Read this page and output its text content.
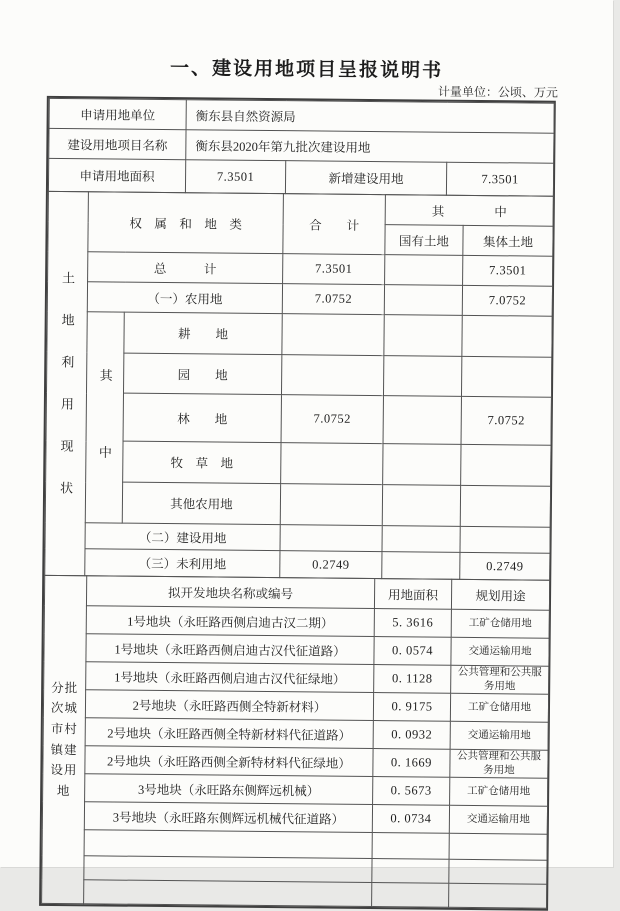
一、建设用地项目呈报说明书
计量单位：公顷、万元
申请用地单位	衡东县自然资源局		
建设用地项目名称	衡东县2020年第九批次建设用地		
申请用地面积	7.3501	新增建设用地	7.3501
土地利用现状	权　属　和　地　类		合　　计	其　　　　中	
				国有土地	集体土地
	总　　　计		7.3501		7.3501
	（一）农用地		7.0752		7.0752

	其中	耕　　地			
		园　　地			
		林　　地	7.0752		7.0752
		牧　草　地			
		其他农用地			
	（二）建设用地				
	（三）未利用地		0.2749		0.2749
分批次城市村镇建设用地	拟开发地块名称或编号	用地面积	规划用途
	1号地块（永旺路西侧启迪古汉二期）	5. 3616	工矿仓储用地
	1号地块（永旺路西侧启迪古汉代征道路）	0. 0574	交通运输用地
	1号地块（永旺路西侧启迪古汉代征绿地）	0. 1128	公共管理和公共服务用地
	2号地块（永旺路西侧全特新材料）	0. 9175	工矿仓储用地
	2号地块（永旺路西侧全特新材料代征道路）	0. 0932	交通运输用地
	2号地块（永旺路西侧全新特材料代征绿地）	0. 1669	公共管理和公共服务用地
	3号地块（永旺路东侧辉远机械）	0. 5673	工矿仓储用地
	3号地块（永旺路东侧辉远机械代征道路）	0. 0734	交通运输用地
